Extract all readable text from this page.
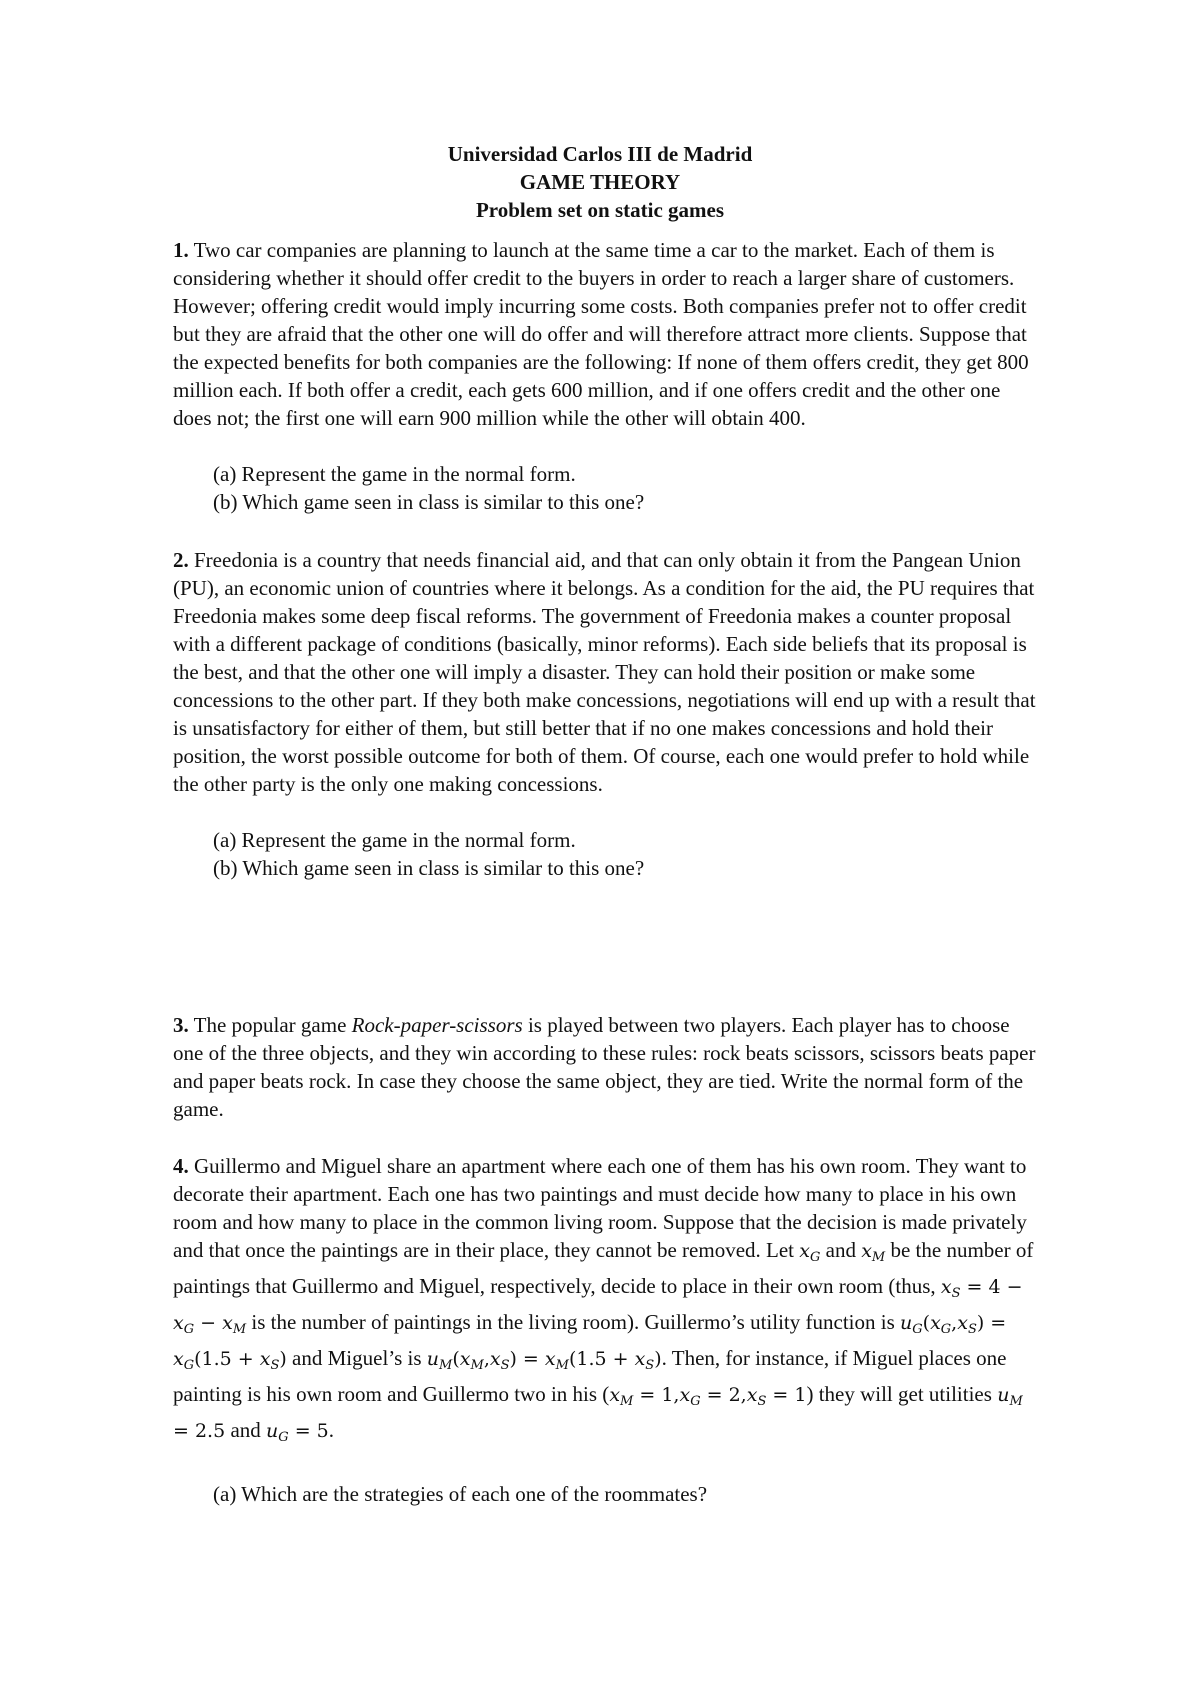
Universidad Carlos III de Madrid
GAME THEORY
Problem set on static games

1. Two car companies are planning to launch at the same time a car to the market. Each of them is considering whether it should offer credit to the buyers in order to reach a larger share of customers. However; offering credit would imply incurring some costs. Both companies prefer not to offer credit but they are afraid that the other one will do offer and will therefore attract more clients. Suppose that the expected benefits for both companies are the following: If none of them offers credit, they get 800 million each. If both offer a credit, each gets 600 million, and if one offers credit and the other one does not; the first one will earn 900 million while the other will obtain 400.

(a) Represent the game in the normal form.
(b) Which game seen in class is similar to this one?

2. Freedonia is a country that needs financial aid, and that can only obtain it from the Pangean Union (PU), an economic union of countries where it belongs. As a condition for the aid, the PU requires that Freedonia makes some deep fiscal reforms. The government of Freedonia makes a counter proposal with a different package of conditions (basically, minor reforms). Each side beliefs that its proposal is the best, and that the other one will imply a disaster. They can hold their position or make some concessions to the other part. If they both make concessions, negotiations will end up with a result that is unsatisfactory for either of them, but still better that if no one makes concessions and hold their position, the worst possible outcome for both of them. Of course, each one would prefer to hold while the other party is the only one making concessions.

(a) Represent the game in the normal form.
(b) Which game seen in class is similar to this one?

3. The popular game Rock-paper-scissors is played between two players. Each player has to choose one of the three objects, and they win according to these rules: rock beats scissors, scissors beats paper and paper beats rock. In case they choose the same object, they are tied. Write the normal form of the game.

4. Guillermo and Miguel share an apartment where each one of them has his own room. They want to decorate their apartment. Each one has two paintings and must decide how many to place in his own room and how many to place in the common living room. Suppose that the decision is made privately and that once the paintings are in their place, they cannot be removed. Let $x_G$ and $x_M$ be the number of paintings that Guillermo and Miguel, respectively, decide to place in their own room (thus, $x_S = 4 - x_G - x_M$ is the number of paintings in the living room). Guillermo’s utility function is $u_G(x_G,x_S) = x_G(1.5 + x_S)$ and Miguel’s is $u_M(x_M,x_S) = x_M(1.5 + x_S)$. Then, for instance, if Miguel places one painting is his own room and Guillermo two in his $(x_M = 1,x_G = 2,x_S = 1)$ they will get utilities $u_M = 2.5$ and $u_G = 5$.

(a) Which are the strategies of each one of the roommates?
